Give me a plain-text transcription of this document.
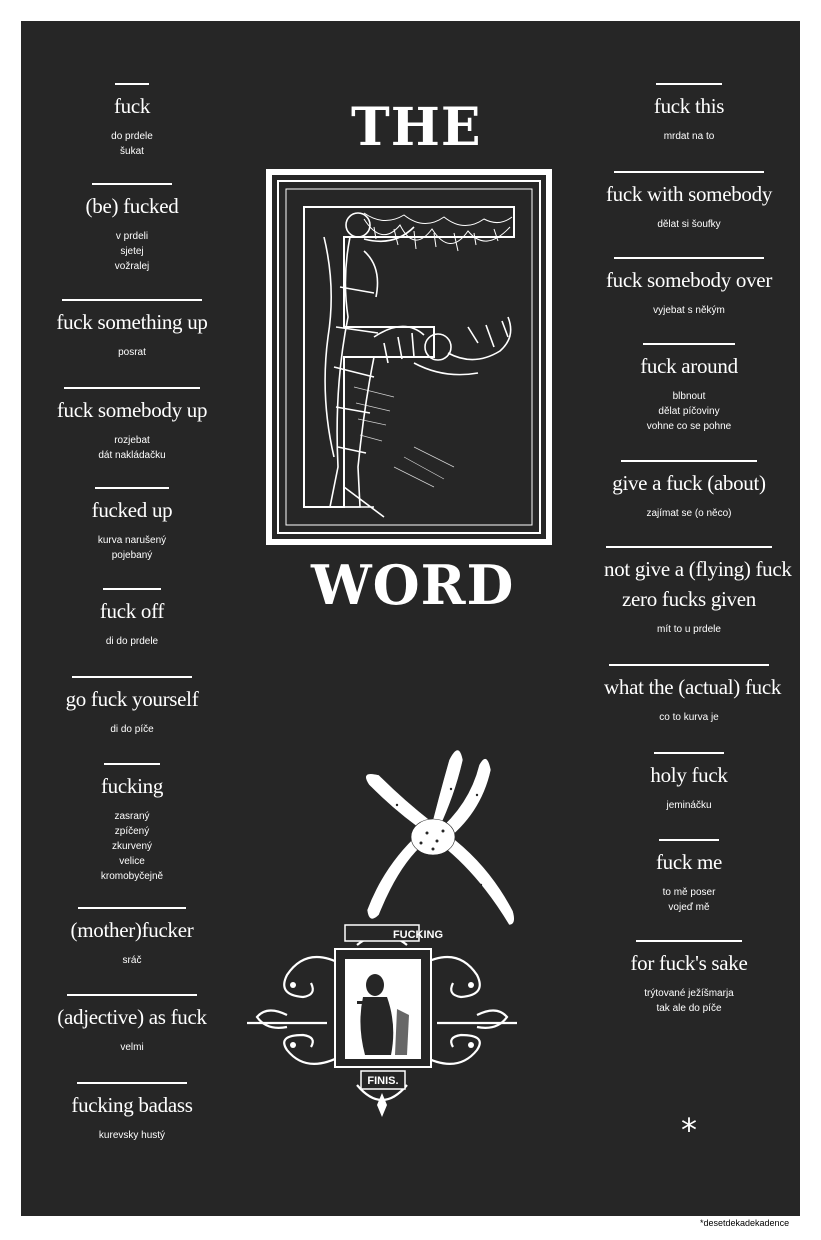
fuck
do prdele
šukat
(be) fucked
v prdeli
sjetej
vožralej
fuck something up
posrat
fuck somebody up
rozjebat
dát nakládačku
fucked up
kurva narušený
pojebaný
fuck off
di do prdele
go fuck yourself
di do píče
fucking
zasraný
zpíčený
zkurvený
velice
kromobyčejně
(mother)fucker
sráč
(adjective) as fuck
velmi
fucking badass
kurevsky hustý
fuck this
mrdat na to
fuck with somebody
dělat si šoufky
fuck somebody over
vyjebat s někým
fuck around
blbnout
dělat píčoviny
vohne co se pohne
give a fuck (about)
zajímat se (o něco)
not give a (flying) fuck
zero fucks given
mít to u prdele
what the (actual) fuck
co to kurva je
holy fuck
jemináčku
fuck me
to mě poser
vojeď mě
for fuck's sake
trýtované ježíšmarja
tak ale do píče
THE
WORD
FUCKING
FINIS.
*
*desetdekadekadence
